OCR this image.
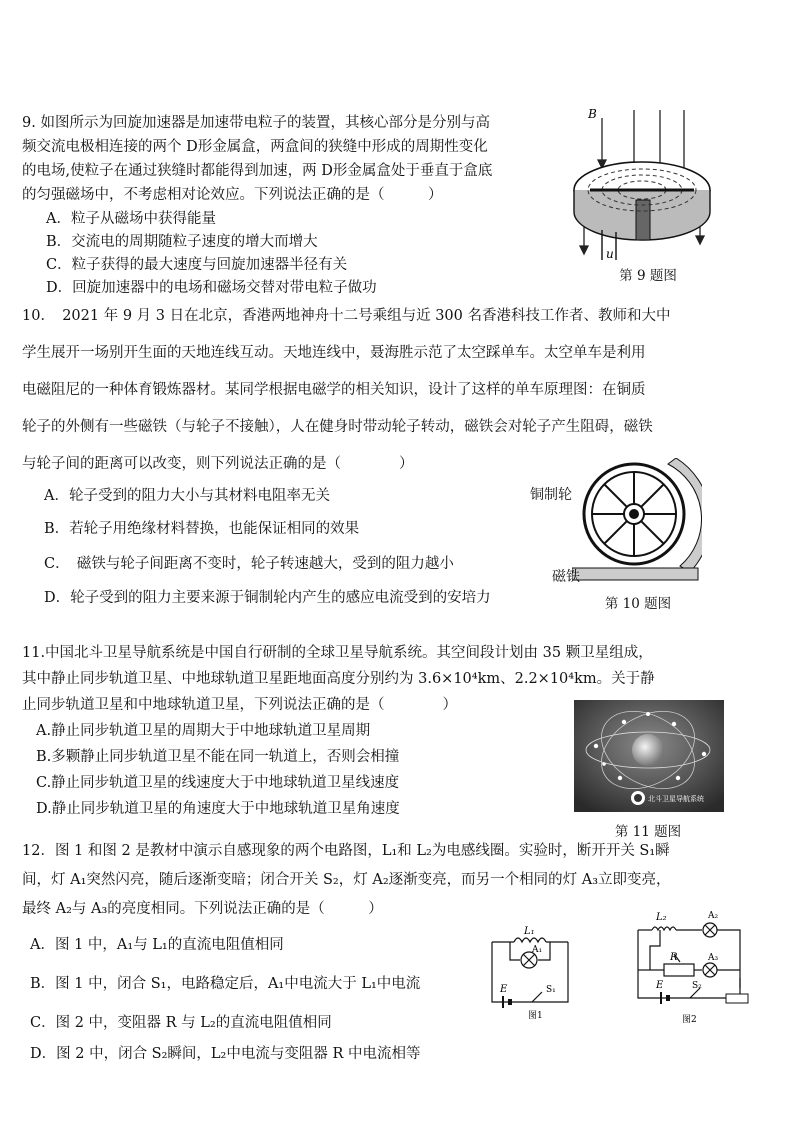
9. 如图所示为回旋加速器是加速带电粒子的装置，其核心部分是分别与高
频交流电极相连接的两个 D形金属盒，两盒间的狭缝中形成的周期性变化
的电场,使粒子在通过狭缝时都能得到加速，两 D形金属盒处于垂直于盒底
的匀强磁场中，不考虑相对论效应。下列说法正确的是（　　　）
A．粒子从磁场中获得能量
B．交流电的周期随粒子速度的增大而增大
C．粒子获得的最大速度与回旋加速器半径有关
D．回旋加速器中的电场和磁场交替对带电粒子做功
B
u
第 9 题图
10．　2021 年 9 月 3 日在北京，香港两地神舟十二号乘组与近 300 名香港科技工作者、教师和大中
学生展开一场别开生面的天地连线互动。天地连线中，聂海胜示范了太空踩单车。太空单车是利用
电磁阻尼的一种体育锻炼器材。某同学根据电磁学的相关知识，设计了这样的单车原理图：在铜质
轮子的外侧有一些磁铁（与轮子不接触），人在健身时带动轮子转动，磁铁会对轮子产生阻碍，磁铁
与轮子间的距离可以改变，则下列说法正确的是（　　　　）
A．轮子受到的阻力大小与其材料电阻率无关
B．若轮子用绝缘材料替换，也能保证相同的效果
C．　磁铁与轮子间距离不变时，轮子转速越大，受到的阻力越小
D．轮子受到的阻力主要来源于铜制轮内产生的感应电流受到的安培力
铜制轮
磁铁
第 10 题图
11.中国北斗卫星导航系统是中国自行研制的全球卫星导航系统。其空间段计划由 35 颗卫星组成，
其中静止同步轨道卫星、中地球轨道卫星距地面高度分别约为 3.6×10⁴km、2.2×10⁴km。关于静
止同步轨道卫星和中地球轨道卫星，下列说法正确的是（　　　　）
A.静止同步轨道卫星的周期大于中地球轨道卫星周期
B.多颗静止同步轨道卫星不能在同一轨道上，否则会相撞
C.静止同步轨道卫星的线速度大于中地球轨道卫星线速度
D.静止同步轨道卫星的角速度大于中地球轨道卫星角速度
北斗卫星导航系统
第 11 题图
12．图 1 和图 2 是教材中演示自感现象的两个电路图，L₁和 L₂为电感线圈。实验时，断开开关 S₁瞬
间，灯 A₁突然闪亮，随后逐渐变暗；闭合开关 S₂，灯 A₂逐渐变亮，而另一个相同的灯 A₃立即变亮，
最终 A₂与 A₃的亮度相同。下列说法正确的是（　　　）
A．图 1 中，A₁与 L₁的直流电阻值相同
B．图 1 中，闭合 S₁，电路稳定后，A₁中电流大于 L₁中电流
C．图 2 中，变阻器 R 与 L₂的直流电阻值相同
D．图 2 中，闭合 S₂瞬间，L₂中电流与变阻器 R 中电流相等
L₁
A₁
E	S₁
图1
L₂	A₂
R	A₃
E	S₂
图2
